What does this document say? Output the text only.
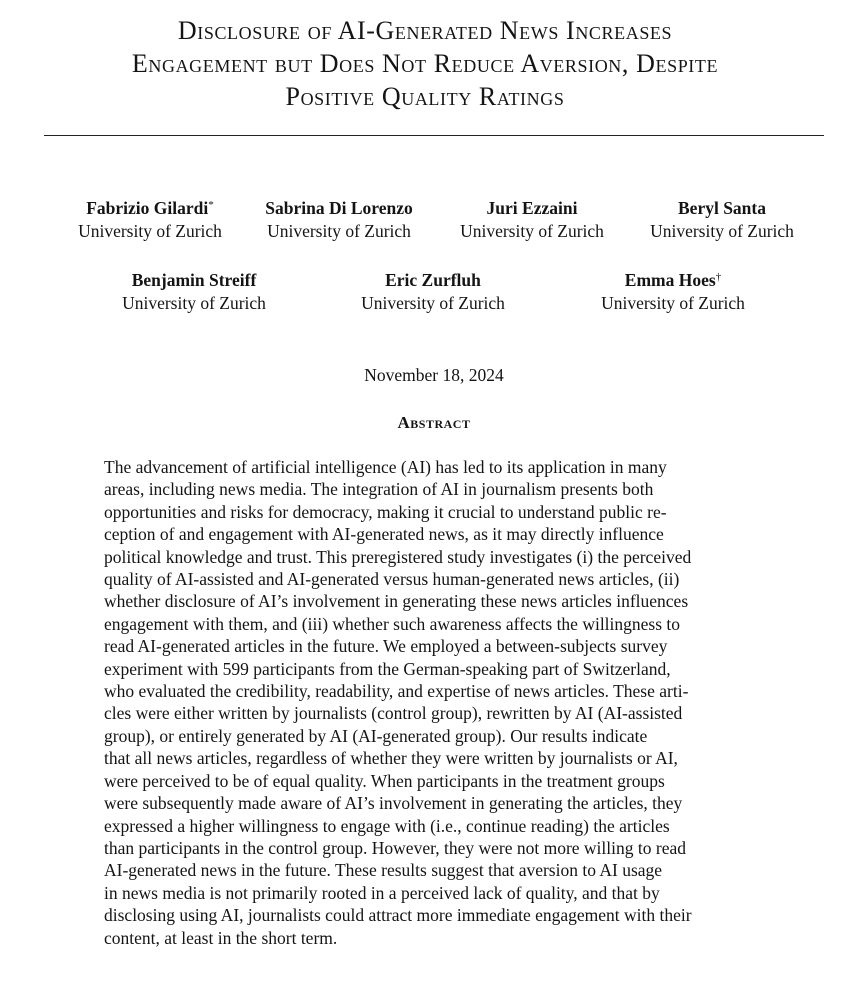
Disclosure of AI-Generated News Increases
Engagement but Does Not Reduce Aversion, Despite
Positive Quality Ratings
Fabrizio Gilardi*
University of Zurich
Sabrina Di Lorenzo
University of Zurich
Juri Ezzaini
University of Zurich
Beryl Santa
University of Zurich
Benjamin Streiff
University of Zurich
Eric Zurfluh
University of Zurich
Emma Hoes†
University of Zurich
November 18, 2024
Abstract
The advancement of artificial intelligence (AI) has led to its application in many
areas, including news media. The integration of AI in journalism presents both
opportunities and risks for democracy, making it crucial to understand public re-
ception of and engagement with AI-generated news, as it may directly influence
political knowledge and trust. This preregistered study investigates (i) the perceived
quality of AI-assisted and AI-generated versus human-generated news articles, (ii)
whether disclosure of AI’s involvement in generating these news articles influences
engagement with them, and (iii) whether such awareness affects the willingness to
read AI-generated articles in the future. We employed a between-subjects survey
experiment with 599 participants from the German-speaking part of Switzerland,
who evaluated the credibility, readability, and expertise of news articles. These arti-
cles were either written by journalists (control group), rewritten by AI (AI-assisted
group), or entirely generated by AI (AI-generated group). Our results indicate
that all news articles, regardless of whether they were written by journalists or AI,
were perceived to be of equal quality. When participants in the treatment groups
were subsequently made aware of AI’s involvement in generating the articles, they
expressed a higher willingness to engage with (i.e., continue reading) the articles
than participants in the control group. However, they were not more willing to read
AI-generated news in the future. These results suggest that aversion to AI usage
in news media is not primarily rooted in a perceived lack of quality, and that by
disclosing using AI, journalists could attract more immediate engagement with their
content, at least in the short term.
